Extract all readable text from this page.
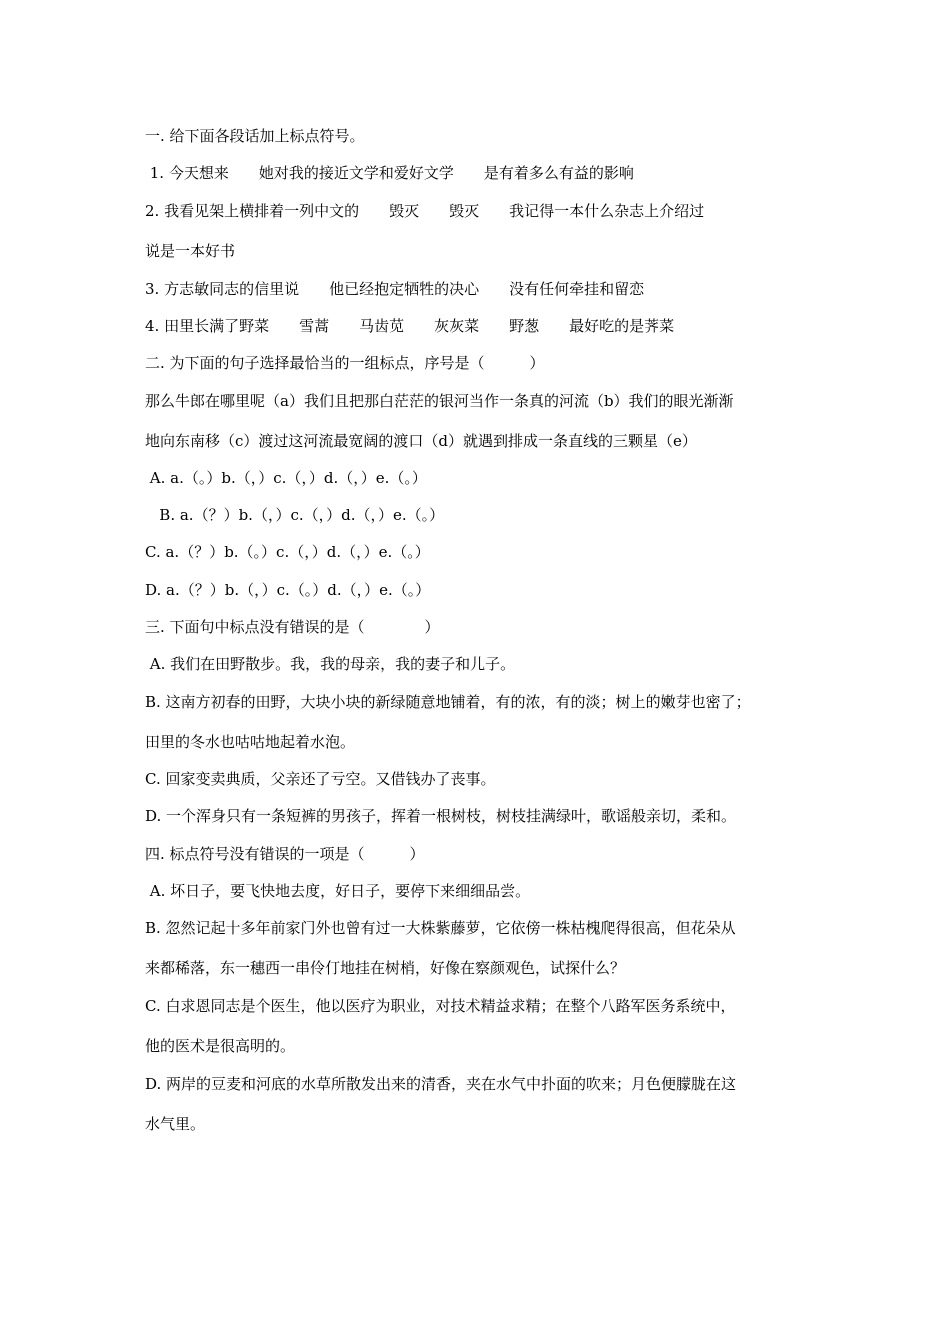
一. 给下面各段话加上标点符号。
1. 今天想来　　她对我的接近文学和爱好文学　　是有着多么有益的影响
2. 我看见架上横排着一列中文的　　毁灭　　毁灭　　我记得一本什么杂志上介绍过
说是一本好书
3. 方志敏同志的信里说　　他已经抱定牺牲的决心　　没有任何牵挂和留恋
4. 田里长满了野菜　　雪蒿　　马齿苋　　灰灰菜　　野葱　　最好吃的是荠菜
二. 为下面的句子选择最恰当的一组标点，序号是（　　　）
那么牛郎在哪里呢（a）我们且把那白茫茫的银河当作一条真的河流（b）我们的眼光渐渐
地向东南移（c）渡过这河流最宽阔的渡口（d）就遇到排成一条直线的三颗星（e）
A. a.（。）b.（，）c.（，）d.（，）e.（。）
B. a.（？）b.（，）c.（，）d.（，）e.（。）
C. a.（？）b.（。）c.（，）d.（，）e.（。）
D. a.（？）b.（，）c.（。）d.（，）e.（。）
三. 下面句中标点没有错误的是（　　　　）
A. 我们在田野散步。我，我的母亲，我的妻子和儿子。
B. 这南方初春的田野，大块小块的新绿随意地铺着，有的浓，有的淡；树上的嫩芽也密了；
田里的冬水也咕咕地起着水泡。
C. 回家变卖典质，父亲还了亏空。又借钱办了丧事。
D. 一个浑身只有一条短裤的男孩子，挥着一根树枝，树枝挂满绿叶，歌谣般亲切，柔和。
四. 标点符号没有错误的一项是（　　　）
A. 坏日子，要飞快地去度，好日子，要停下来细细品尝。
B. 忽然记起十多年前家门外也曾有过一大株紫藤萝，它依傍一株枯槐爬得很高，但花朵从
来都稀落，东一穗西一串伶仃地挂在树梢，好像在察颜观色，试探什么？
C. 白求恩同志是个医生，他以医疗为职业，对技术精益求精；在整个八路军医务系统中，
他的医术是很高明的。
D. 两岸的豆麦和河底的水草所散发出来的清香，夹在水气中扑面的吹来；月色便朦胧在这
水气里。
